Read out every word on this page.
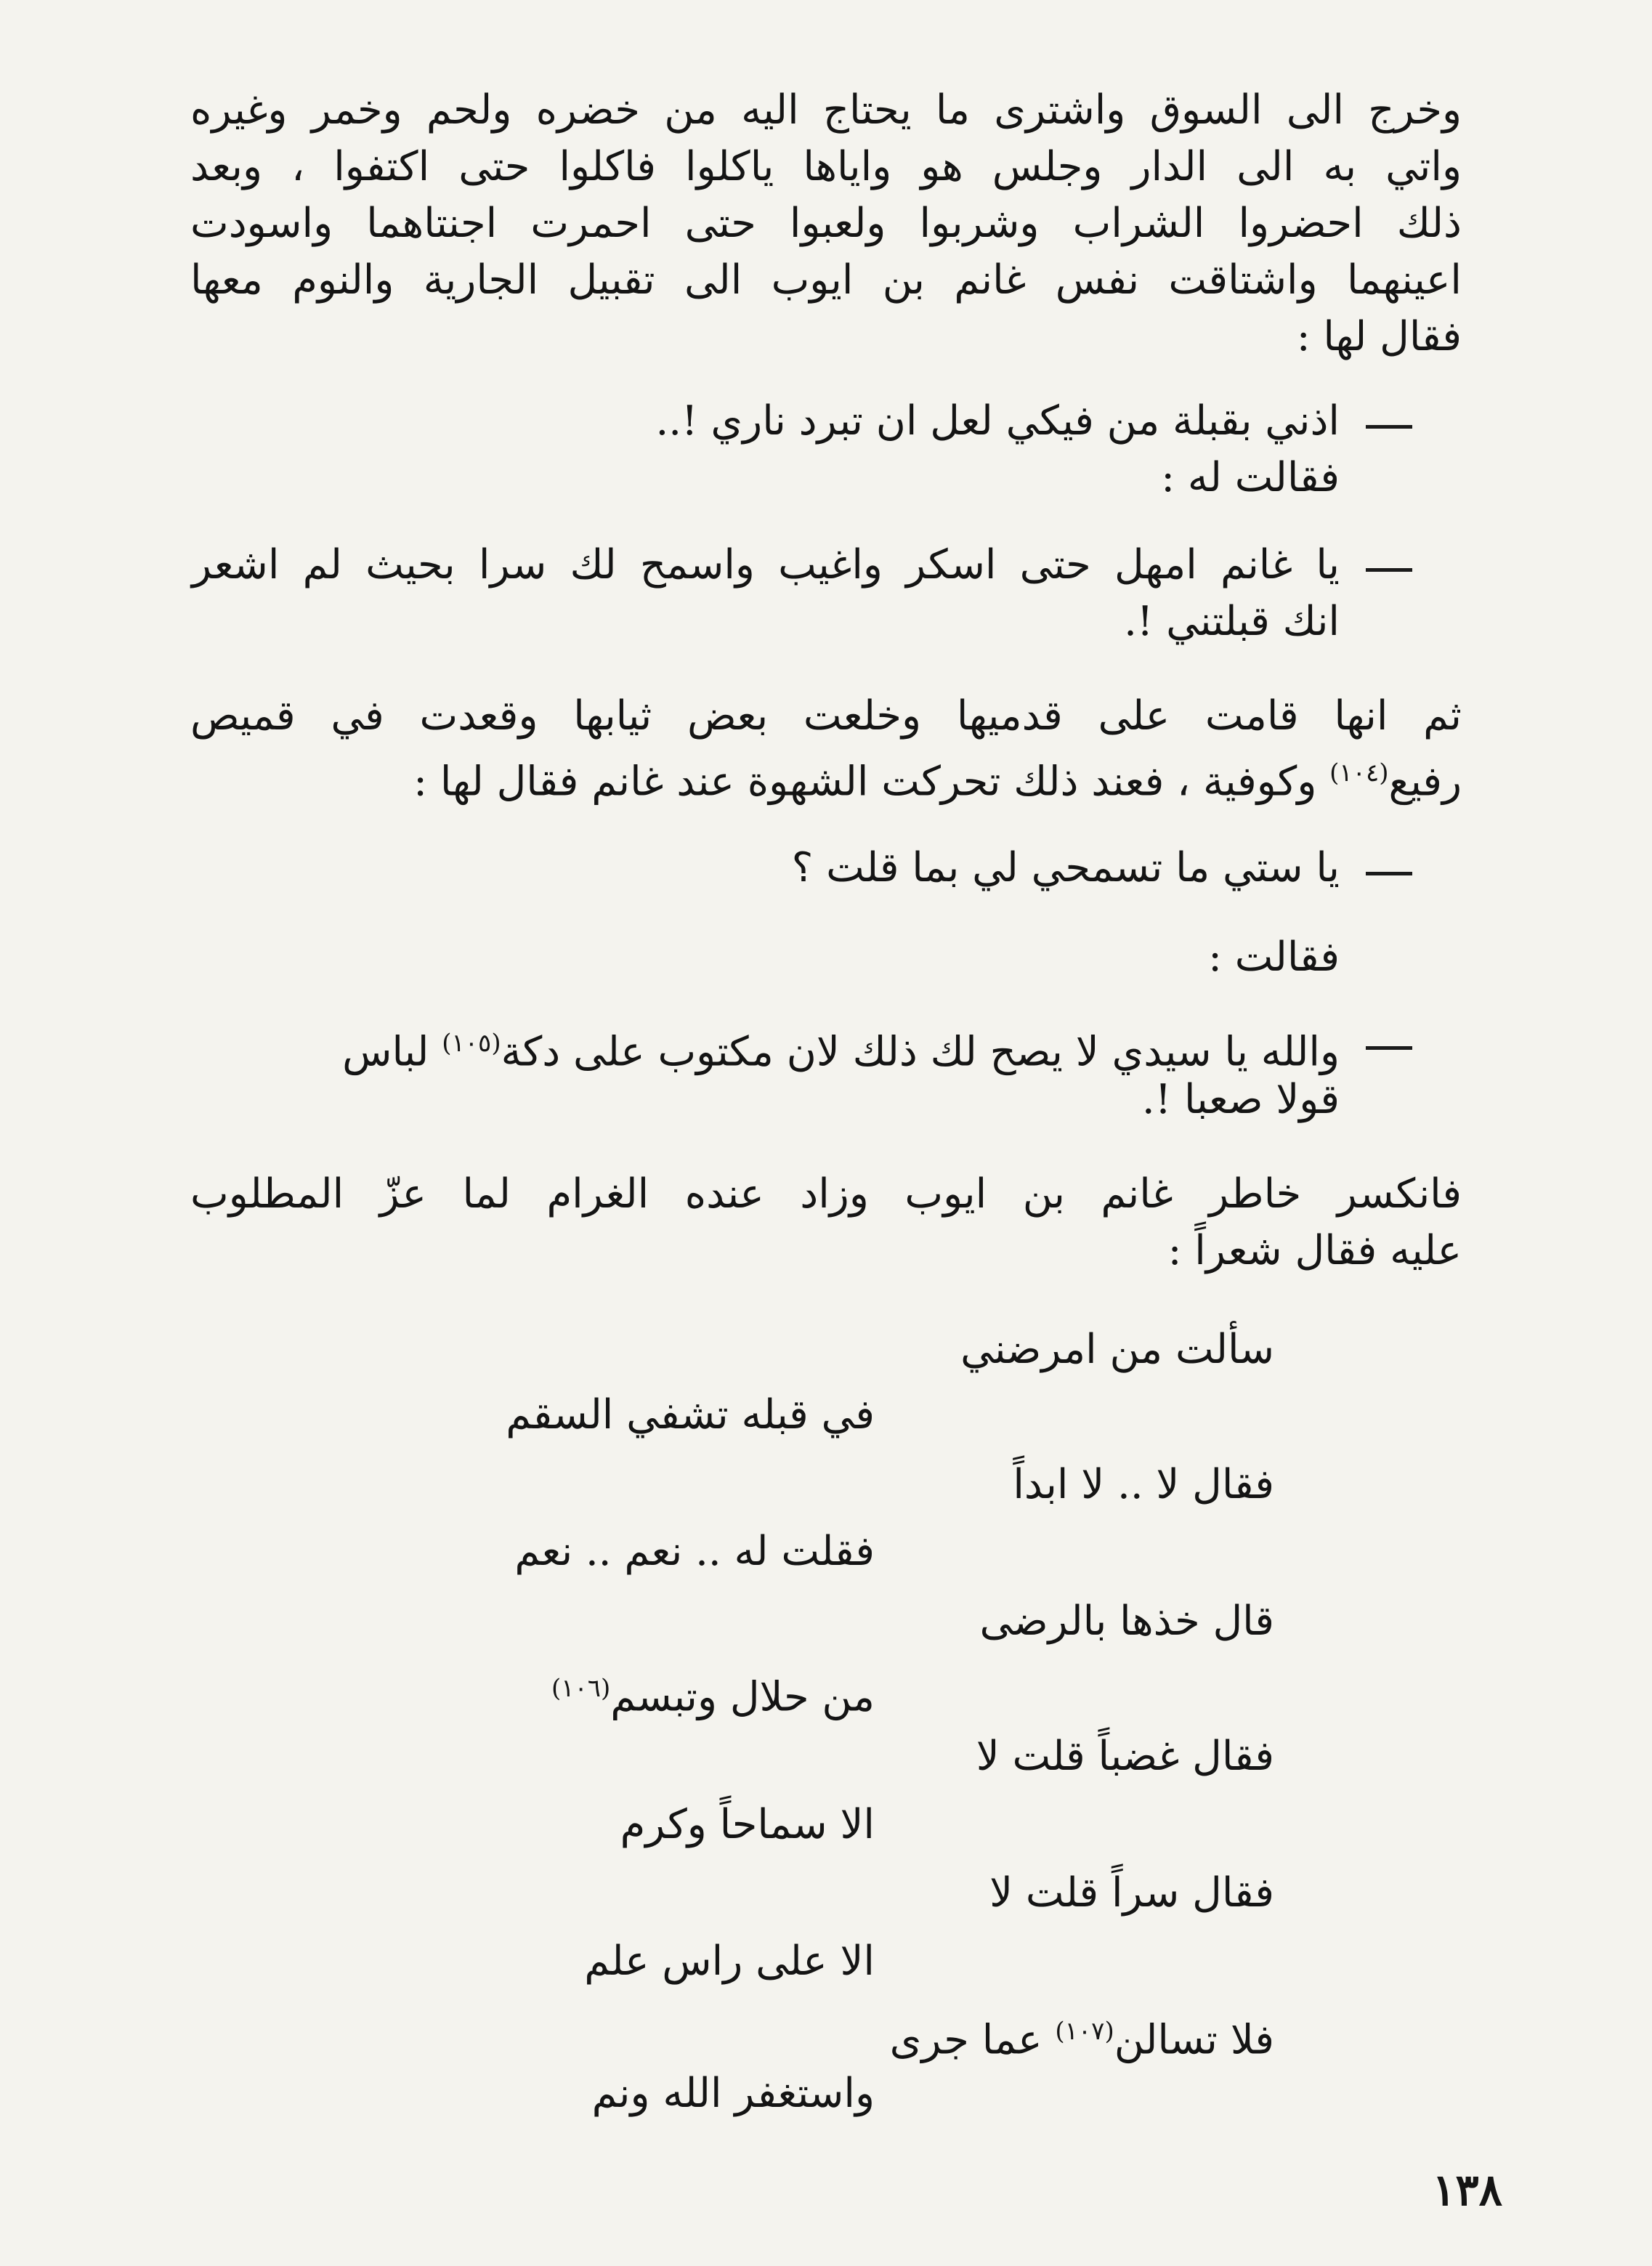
وخرج الى السوق واشترى ما يحتاج اليه من خضره ولحم وخمر وغيره
واتي به الى الدار وجلس هو واياها ياكلوا فاكلوا حتى اكتفوا ، وبعد
ذلك احضروا الشراب وشربوا ولعبوا حتى احمرت اجنتاهما واسودت
اعينهما واشتاقت نفس غانم بن ايوب الى تقبيل الجارية والنوم معها
فقال لها :
اذني بقبلة من فيكي لعل ان تبرد ناري !..
فقالت له :
يا غانم امهل حتى اسكر واغيب واسمح لك سرا بحيث لم اشعر
انك قبلتني !.
ثم انها قامت على قدميها وخلعت بعض ثيابها وقعدت في قميص
رفيع$^{(١٠٤)}$ وكوفية ، فعند ذلك تحركت الشهوة عند غانم فقال لها :
يا ستي ما تسمحي لي بما قلت ؟
فقالت :
والله يا سيدي لا يصح لك ذلك لان مكتوب على دكة$^{(١٠٥)}$ لباس
قولا صعبا !.
فانكسر خاطر غانم بن ايوب وزاد عنده الغرام لما عزّ المطلوب
عليه فقال شعراً :
سألت من امرضني
في قبله تشفي السقم
فقال لا .. لا ابداً
فقلت له .. نعم .. نعم
قال خذها بالرضى
من حلال وتبسم$^{(١٠٦)}$
فقال غضباً قلت لا
الا سماحاً وكرم
فقال سراً قلت لا
الا على راس علم
فلا تسالن$^{(١٠٧)}$ عما جرى
واستغفر الله ونم
١٣٨
